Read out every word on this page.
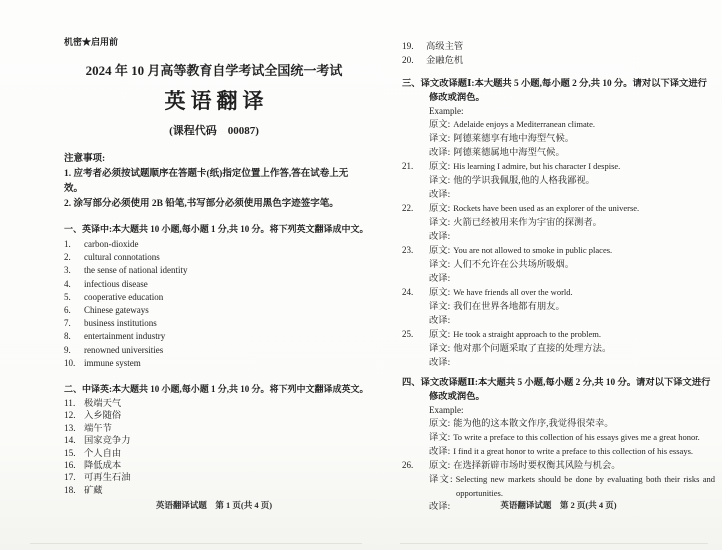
机密★启用前
2024 年 10 月高等教育自学考试全国统一考试
英语翻译
(课程代码　00087)
注意事项:
1. 应考者必须按试题顺序在答题卡(纸)指定位置上作答,答在试卷上无效。
2. 涂写部分必须使用 2B 铅笔,书写部分必须使用黑色字迹签字笔。
一、英译中:本大题共 10 小题,每小题 1 分,共 10 分。将下列英文翻译成中文。
1.	carbon-dioxide
2.	cultural connotations
3.	the sense of national identity
4.	infectious disease
5.	cooperative education
6.	Chinese gateways
7.	business institutions
8.	entertainment industry
9.	renowned universities
10. immune system
二、中译英:本大题共 10 小题,每小题 1 分,共 10 分。将下列中文翻译成英文。
11. 极端天气
12. 入乡随俗
13. 端午节
14. 国家竞争力
15. 个人自由
16. 降低成本
17. 可再生石油
18. 矿藏
19.	高级主管
20.	金融危机
三、译文改译题Ⅰ:本大题共 5 小题,每小题 2 分,共 10 分。请对以下译文进行修改或润色。
Example:
原文: Adelaide enjoys a Mediterranean climate.
译文: 阿德莱德享有地中海型气候。
改译: 阿德莱德属地中海型气候。
21. 原文: His learning I admire, but his character I despise.
译文: 他的学识我佩服,他的人格我鄙视。
改译:
22. 原文: Rockets have been used as an explorer of the universe.
译文: 火箭已经被用来作为宇宙的探测者。
改译:
23. 原文: You are not allowed to smoke in public places.
译文: 人们不允许在公共场所吸烟。
改译:
24. 原文: We have friends all over the world.
译文: 我们在世界各地都有朋友。
改译:
25. 原文: He took a straight approach to the problem.
译文: 他对那个问题采取了直接的处理方法。
改译:
四、译文改译题Ⅱ:本大题共 5 小题,每小题 2 分,共 10 分。请对以下译文进行修改或润色。
Example:
原文: 能为他的这本散文作序,我觉得很荣幸。
译文: To write a preface to this collection of his essays gives me a great honor.
改译: I find it a great honor to write a preface to this collection of his essays.
26. 原文: 在选择新辟市场时要权衡其风险与机会。
译文: Selecting new markets should be done by evaluating both their risks and opportunities.
改译:
英语翻译试题　第 1 页(共 4 页)	英语翻译试题　第 2 页(共 4 页)
